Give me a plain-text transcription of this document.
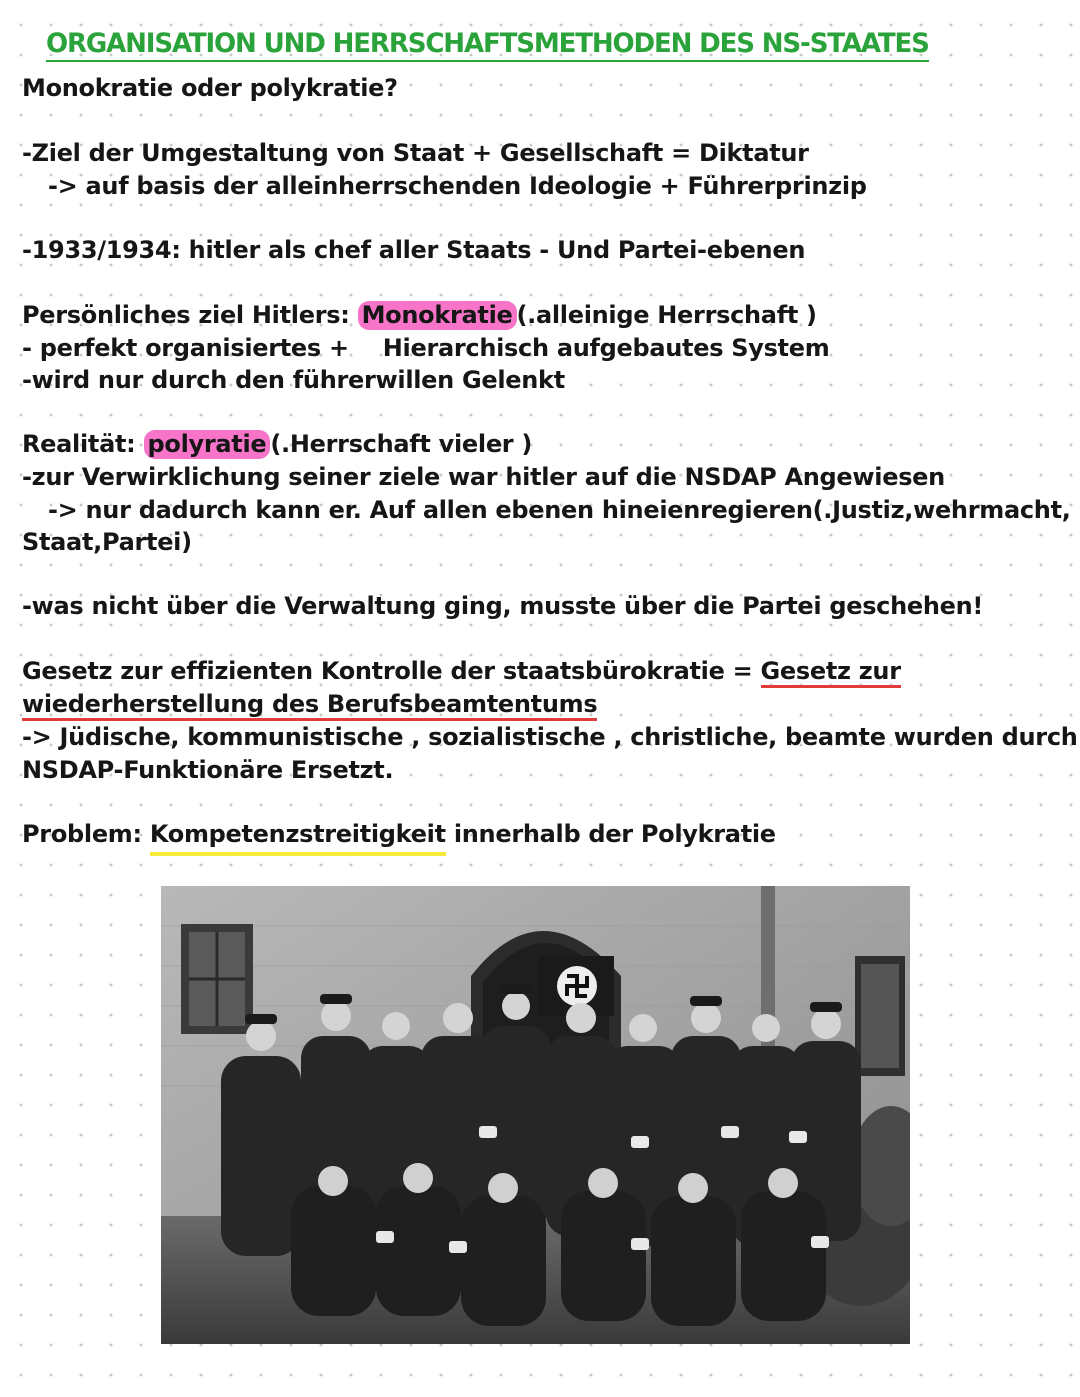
ORGANISATION UND HERRSCHAFTSMETHODEN DES NS-STAATES
Monokratie oder polykratie?
-Ziel der Umgestaltung von Staat + Gesellschaft = Diktatur
-> auf basis der alleinherrschenden Ideologie + Führerprinzip
-1933/1934: hitler als chef aller Staats - Und Partei-ebenen
Persönliches ziel Hitlers: Monokratie (.alleinige Herrschaft )
- perfekt organisiertes + Hierarchisch aufgebautes System
-wird nur durch den führerwillen Gelenkt
Realität: polyratie (.Herrschaft vieler )
-zur Verwirklichung seiner ziele war hitler auf die NSDAP Angewiesen
-> nur dadurch kann er. Auf allen ebenen hineienregieren(.Justiz,wehrmacht,
Staat,Partei)
-was nicht über die Verwaltung ging, musste über die Partei geschehen!
Gesetz zur effizienten Kontrolle der staatsbürokratie = Gesetz zur
wiederherstellung des Berufsbeamtentums
-> Jüdische, kommunistische , sozialistische , christliche, beamte wurden durch
NSDAP-Funktionäre Ersetzt.
Problem: Kompetenzstreitigkeit innerhalb der Polykratie
